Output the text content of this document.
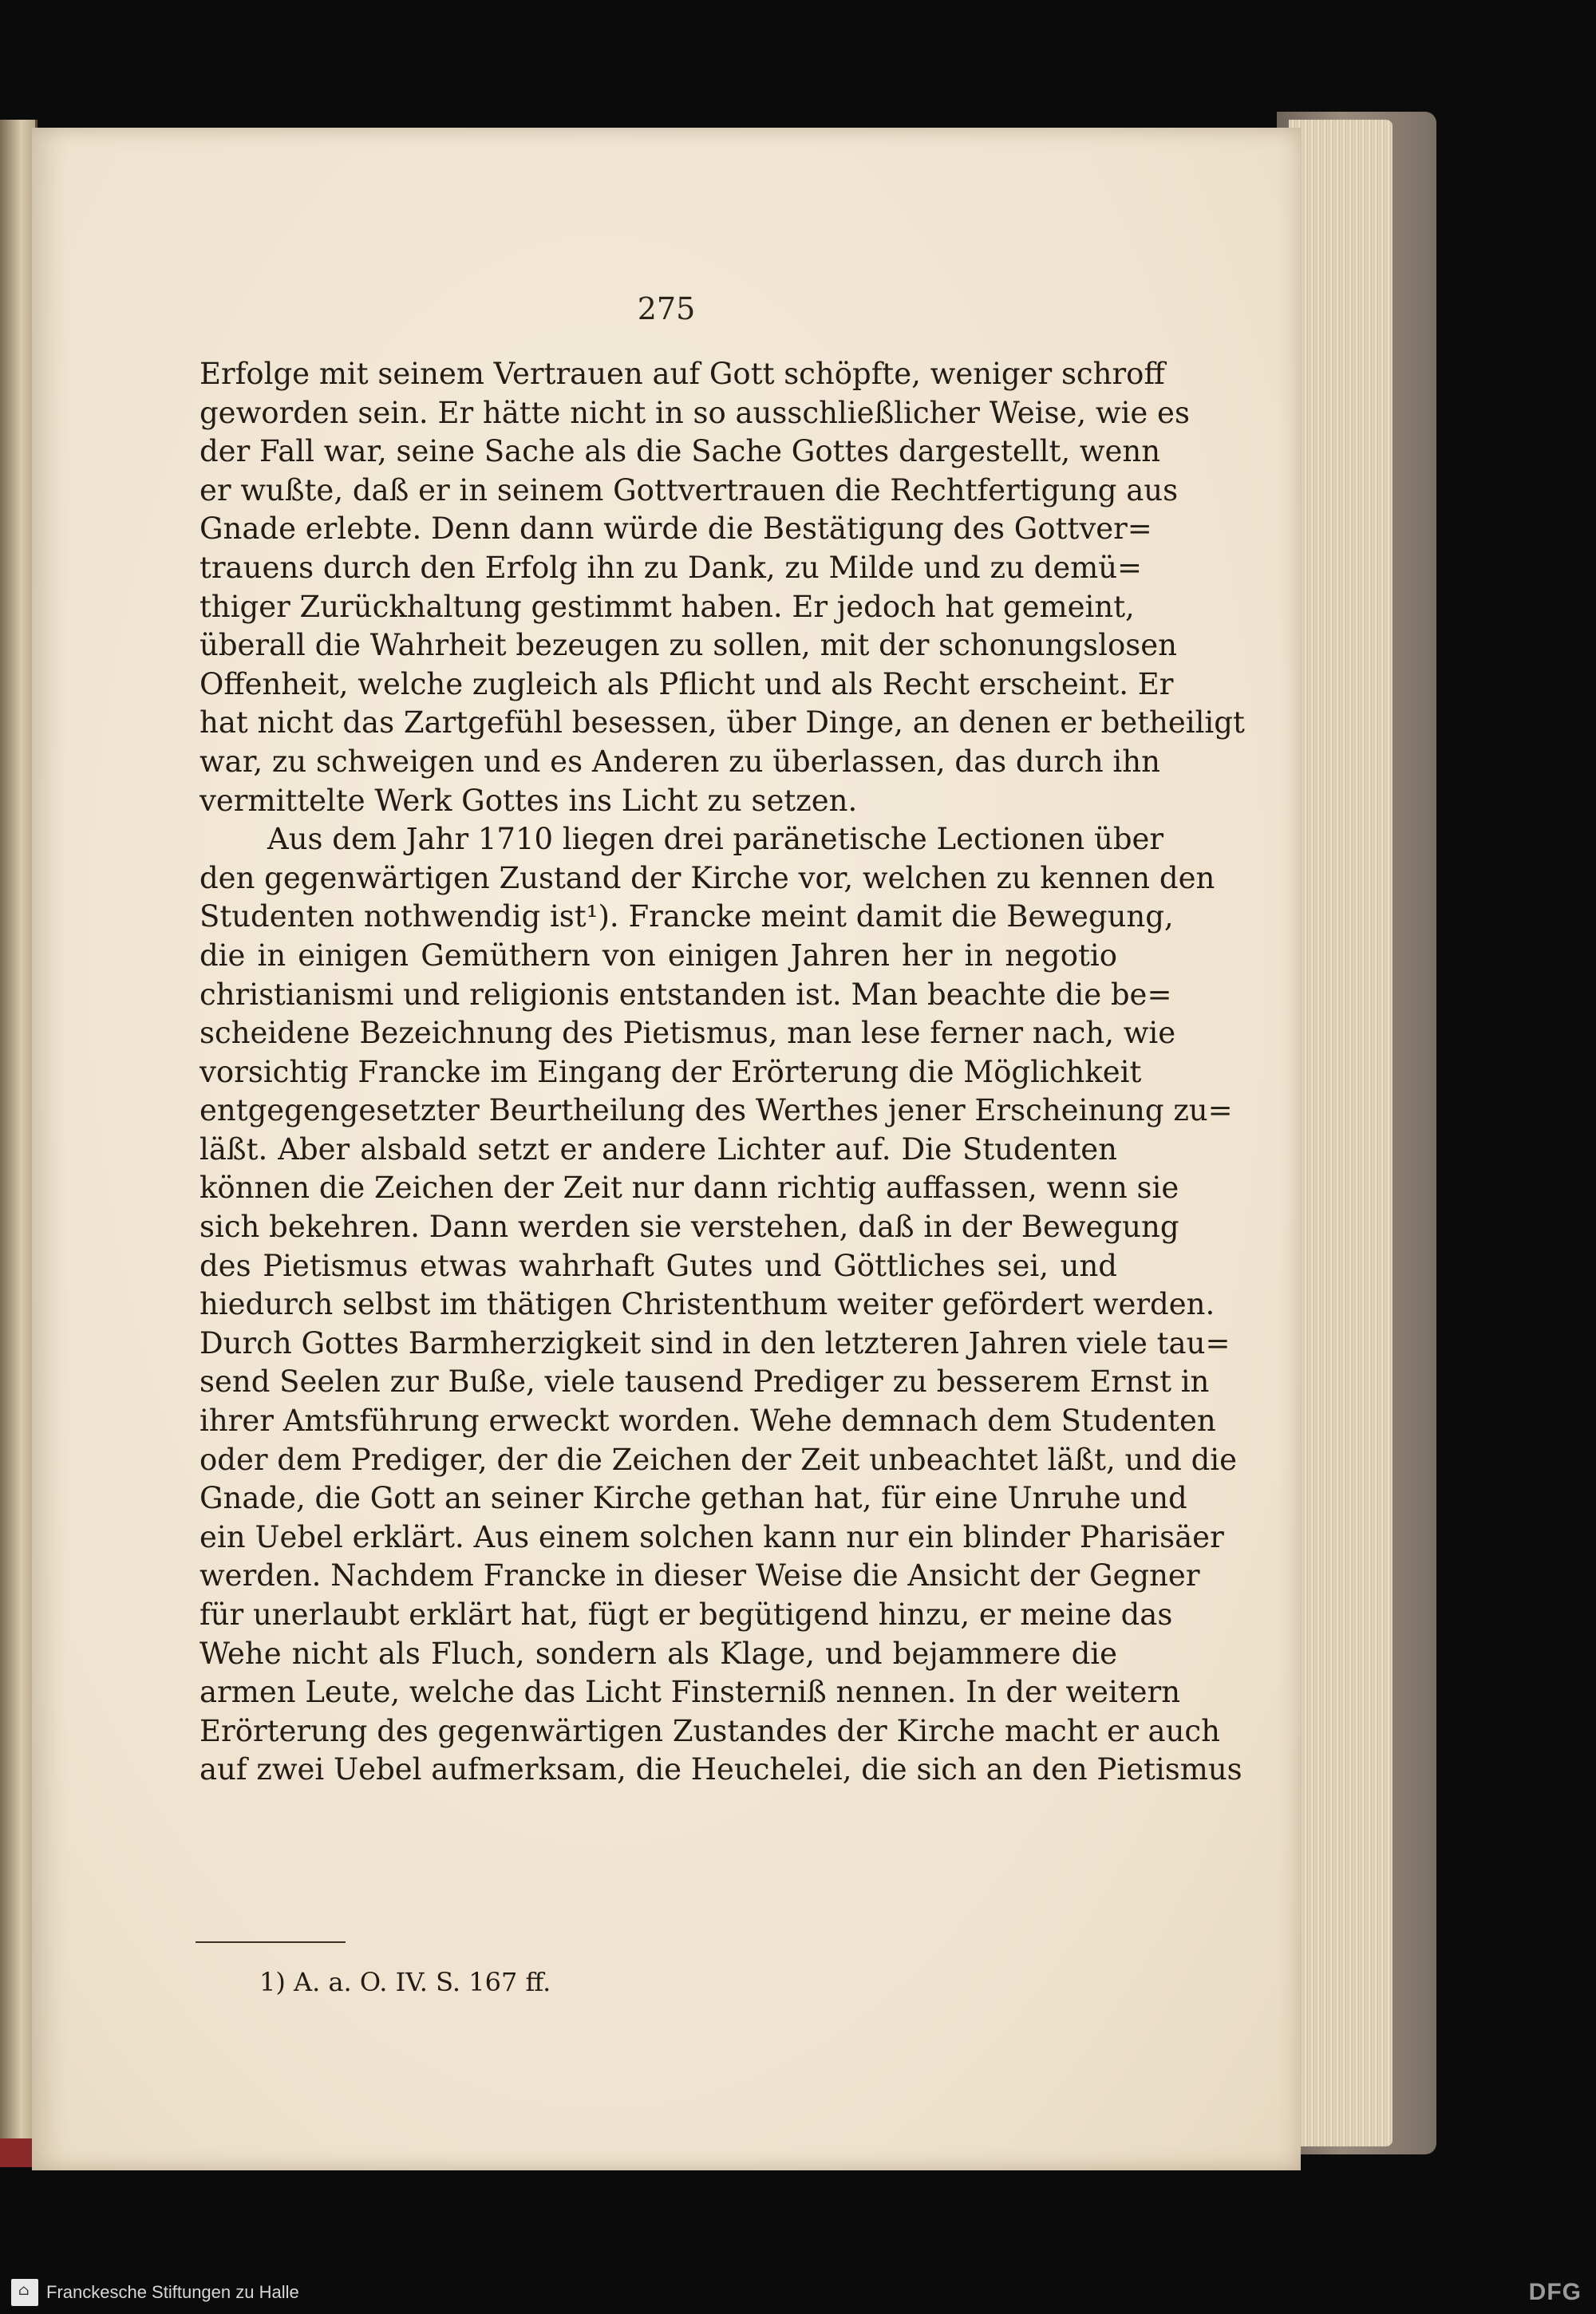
275
Erfolge mit seinem Vertrauen auf Gott schöpfte, weniger schroff
geworden sein. Er hätte nicht in so ausschließlicher Weise, wie es
der Fall war, seine Sache als die Sache Gottes dargestellt, wenn
er wußte, daß er in seinem Gottvertrauen die Rechtfertigung aus
Gnade erlebte. Denn dann würde die Bestätigung des Gottver=
trauens durch den Erfolg ihn zu Dank, zu Milde und zu demü=
thiger Zurückhaltung gestimmt haben. Er jedoch hat gemeint,
überall die Wahrheit bezeugen zu sollen, mit der schonungslosen
Offenheit, welche zugleich als Pflicht und als Recht erscheint. Er
hat nicht das Zartgefühl besessen, über Dinge, an denen er betheiligt
war, zu schweigen und es Anderen zu überlassen, das durch ihn
vermittelte Werk Gottes ins Licht zu setzen.
Aus dem Jahr 1710 liegen drei paränetische Lectionen über
den gegenwärtigen Zustand der Kirche vor, welchen zu kennen den
Studenten nothwendig ist¹). Francke meint damit die Bewegung,
die in einigen Gemüthern von einigen Jahren her in negotio
christianismi und religionis entstanden ist. Man beachte die be=
scheidene Bezeichnung des Pietismus, man lese ferner nach, wie
vorsichtig Francke im Eingang der Erörterung die Möglichkeit
entgegengesetzter Beurtheilung des Werthes jener Erscheinung zu=
läßt. Aber alsbald setzt er andere Lichter auf. Die Studenten
können die Zeichen der Zeit nur dann richtig auffassen, wenn sie
sich bekehren. Dann werden sie verstehen, daß in der Bewegung
des Pietismus etwas wahrhaft Gutes und Göttliches sei, und
hiedurch selbst im thätigen Christenthum weiter gefördert werden.
Durch Gottes Barmherzigkeit sind in den letzteren Jahren viele tau=
send Seelen zur Buße, viele tausend Prediger zu besserem Ernst in
ihrer Amtsführung erweckt worden. Wehe demnach dem Studenten
oder dem Prediger, der die Zeichen der Zeit unbeachtet läßt, und die
Gnade, die Gott an seiner Kirche gethan hat, für eine Unruhe und
ein Uebel erklärt. Aus einem solchen kann nur ein blinder Pharisäer
werden. Nachdem Francke in dieser Weise die Ansicht der Gegner
für unerlaubt erklärt hat, fügt er begütigend hinzu, er meine das
Wehe nicht als Fluch, sondern als Klage, und bejammere die
armen Leute, welche das Licht Finsterniß nennen. In der weitern
Erörterung des gegenwärtigen Zustandes der Kirche macht er auch
auf zwei Uebel aufmerksam, die Heuchelei, die sich an den Pietismus
1) A. a. O. IV. S. 167 ff.
⌂ Franckesche Stiftungen zu Halle	DFG
